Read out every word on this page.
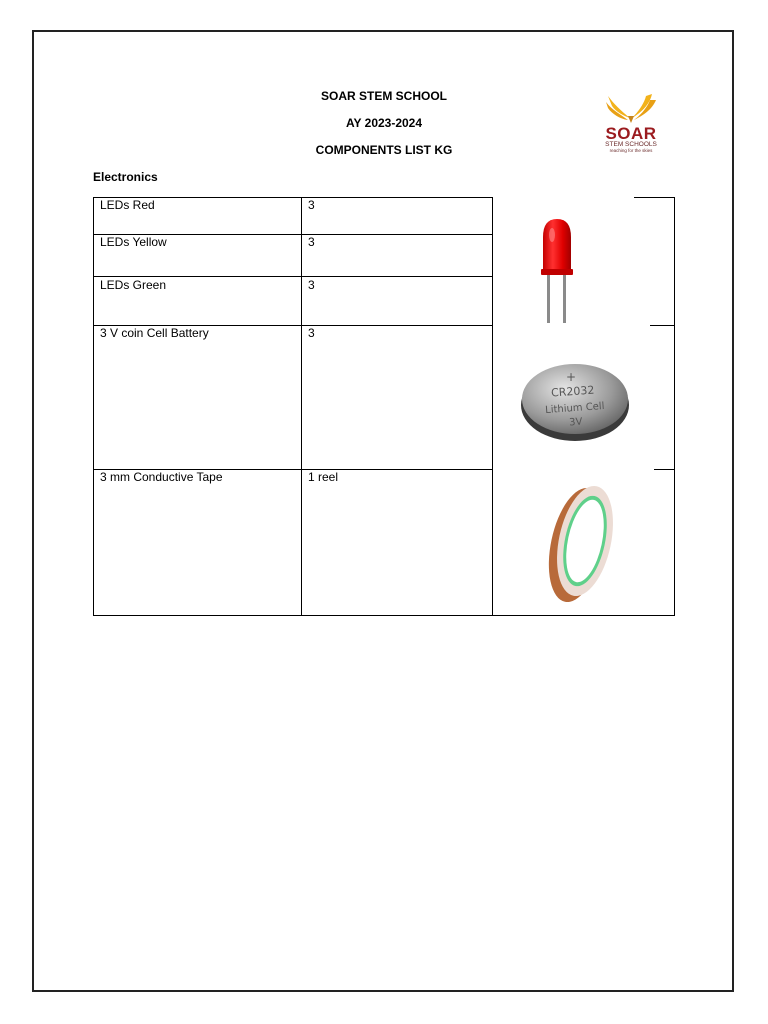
SOAR STEM SCHOOL
AY 2023-2024
COMPONENTS LIST KG
SOAR
STEM SCHOOLS
reaching for the skies
Electronics
LEDs Red	3
LEDs Yellow	3
LEDs Green	3
3 V coin Cell Battery	3
3 mm Conductive Tape	1 reel
+
CR2032
Lithium Cell
3V
